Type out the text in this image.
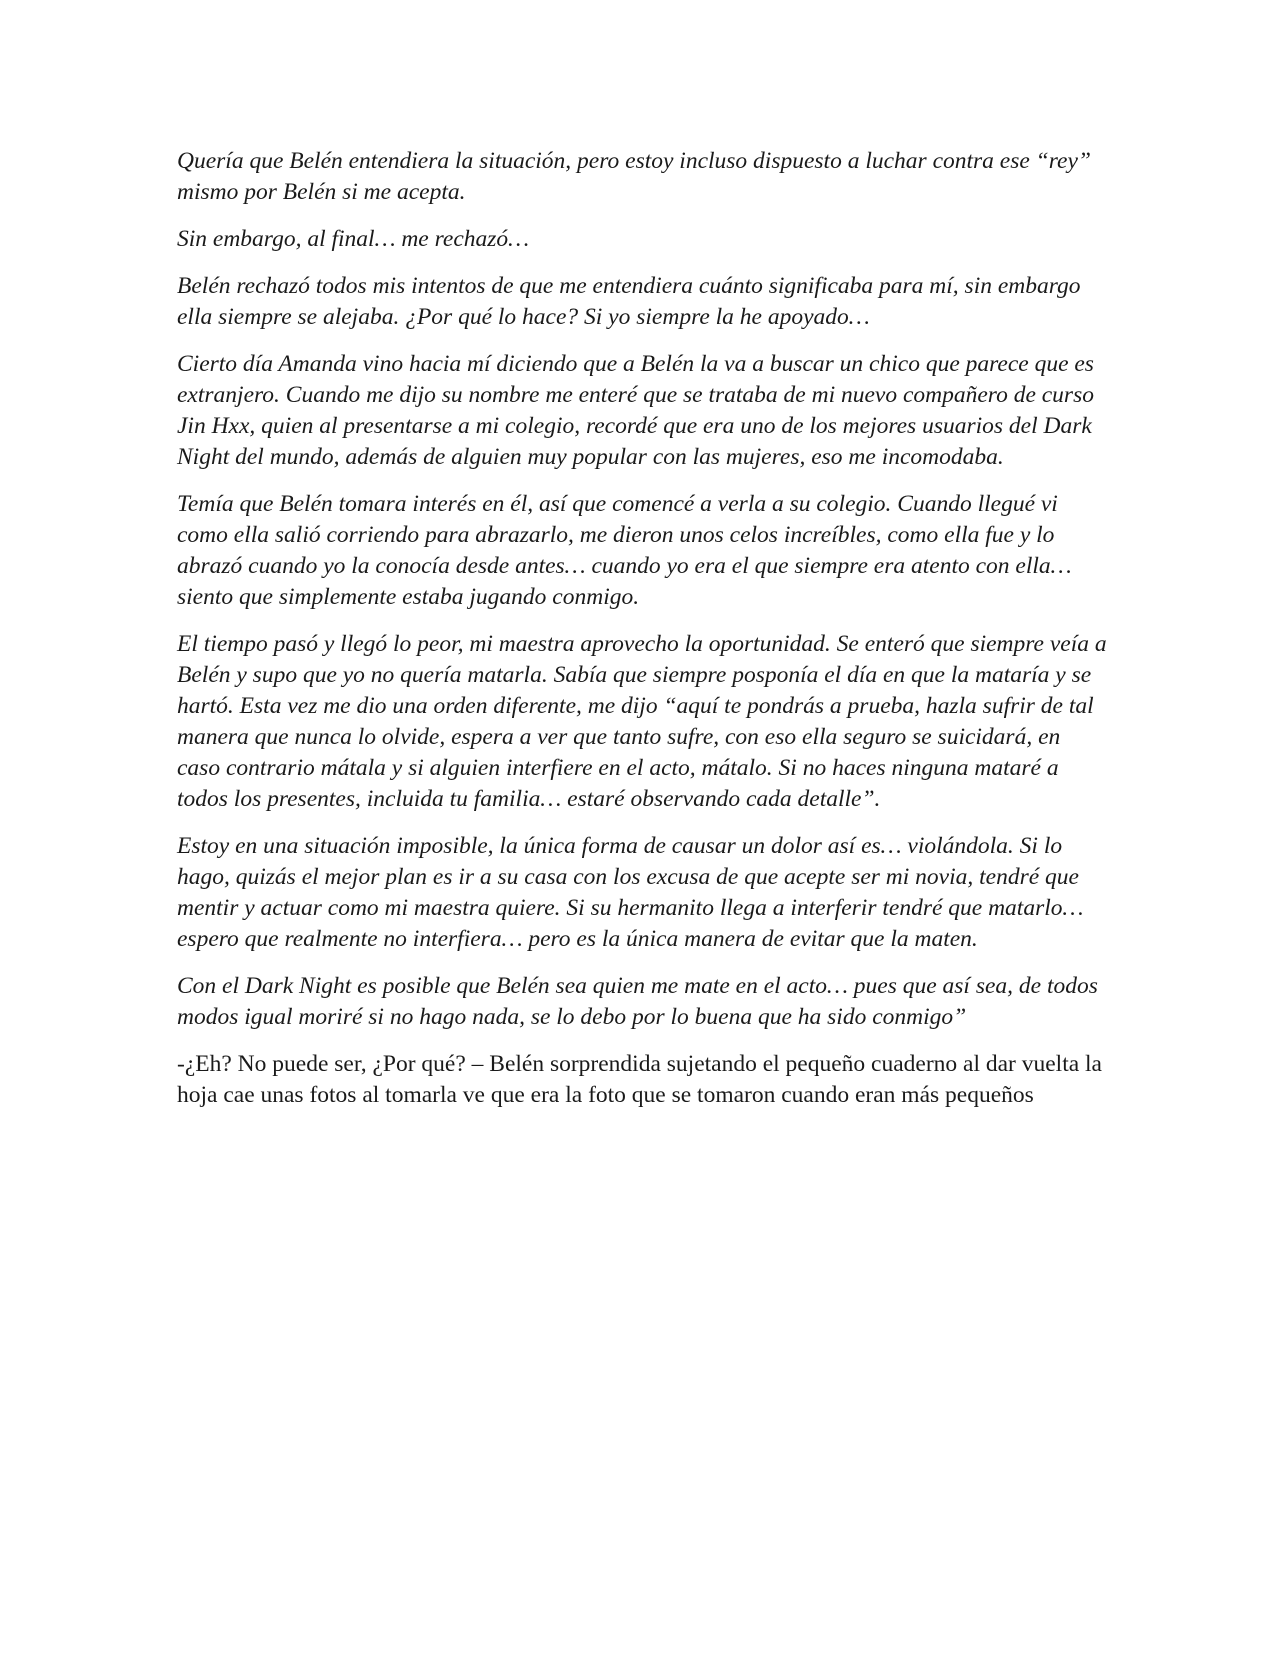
Quería que Belén entendiera la situación, pero estoy incluso dispuesto a luchar contra ese “rey” mismo por Belén si me acepta.

Sin embargo, al final… me rechazó…

Belén rechazó todos mis intentos de que me entendiera cuánto significaba para mí, sin embargo ella siempre se alejaba. ¿Por qué lo hace? Si yo siempre la he apoyado…

Cierto día Amanda vino hacia mí diciendo que a Belén la va a buscar un chico que parece que es extranjero. Cuando me dijo su nombre me enteré que se trataba de mi nuevo compañero de curso Jin Hxx, quien al presentarse a mi colegio, recordé que era uno de los mejores usuarios del Dark Night del mundo, además de alguien muy popular con las mujeres, eso me incomodaba.

Temía que Belén tomara interés en él, así que comencé a verla a su colegio. Cuando llegué vi como ella salió corriendo para abrazarlo, me dieron unos celos increíbles, como ella fue y lo abrazó cuando yo la conocía desde antes… cuando yo era el que siempre era atento con ella… siento que simplemente estaba jugando conmigo.

El tiempo pasó y llegó lo peor, mi maestra aprovecho la oportunidad. Se enteró que siempre veía a Belén y supo que yo no quería matarla. Sabía que siempre posponía el día en que la mataría y se hartó. Esta vez me dio una orden diferente, me dijo “aquí te pondrás a prueba, hazla sufrir de tal manera que nunca lo olvide, espera a ver que tanto sufre, con eso ella seguro se suicidará, en caso contrario mátala y si alguien interfiere en el acto, mátalo. Si no haces ninguna mataré a todos los presentes, incluida tu familia… estaré observando cada detalle”.

Estoy en una situación imposible, la única forma de causar un dolor así es… violándola. Si lo hago, quizás el mejor plan es ir a su casa con los excusa de que acepte ser mi novia, tendré que mentir y actuar como mi maestra quiere. Si su hermanito llega a interferir tendré que matarlo… espero que realmente no interfiera… pero es la única manera de evitar que la maten.

Con el Dark Night es posible que Belén sea quien me mate en el acto… pues que así sea, de todos modos igual moriré si no hago nada, se lo debo por lo buena que ha sido conmigo”

-¿Eh? No puede ser, ¿Por qué? – Belén sorprendida sujetando el pequeño cuaderno al dar vuelta la hoja cae unas fotos al tomarla ve que era la foto que se tomaron cuando eran más pequeños
